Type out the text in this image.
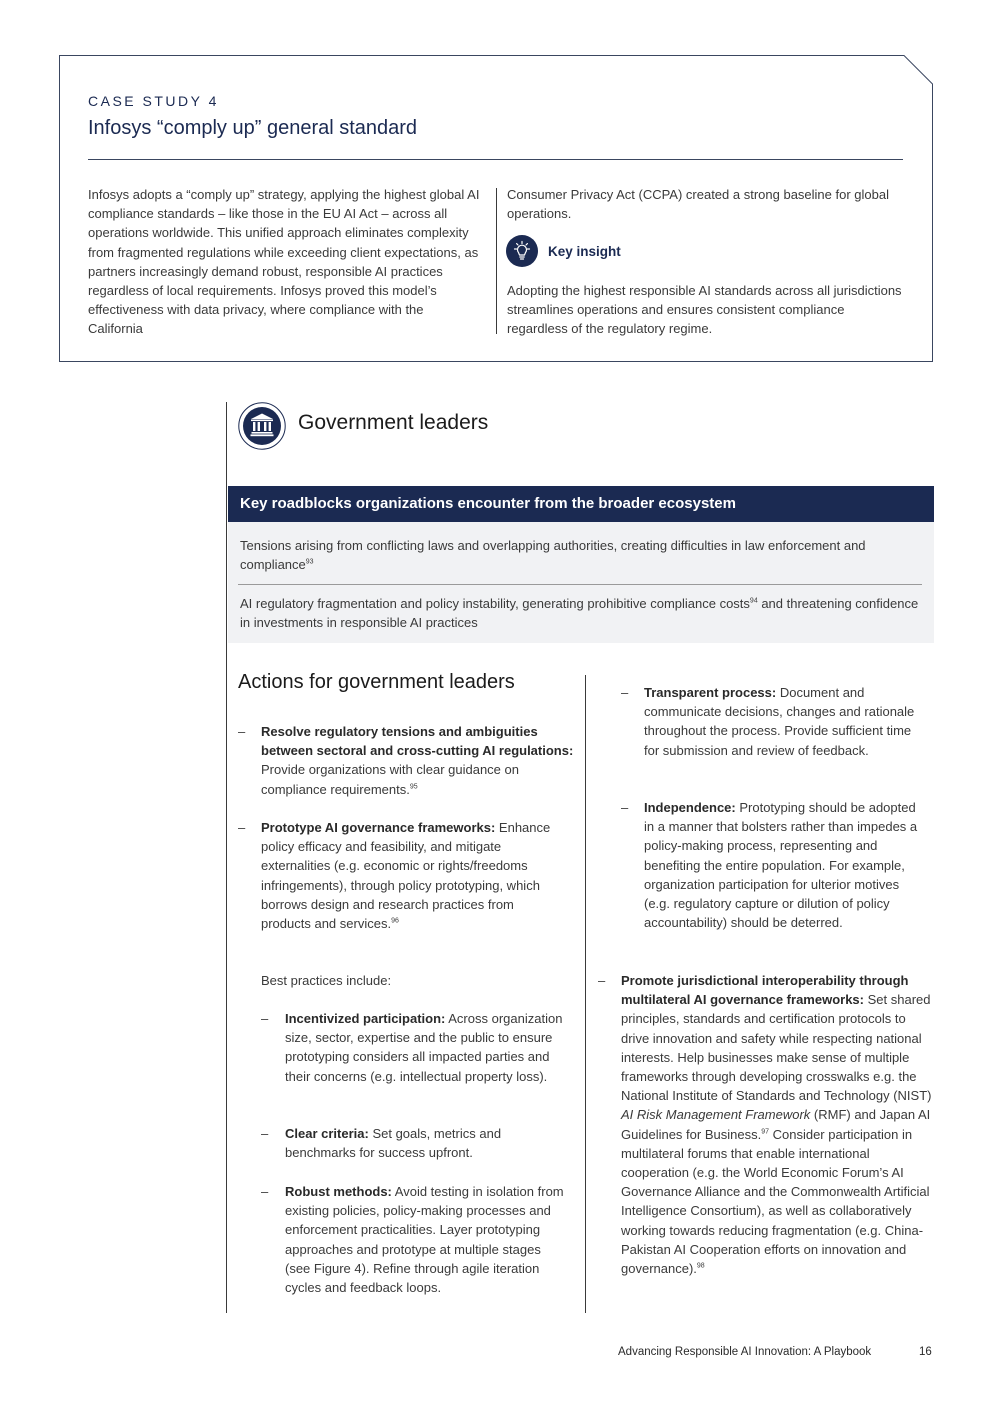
CASE STUDY 4
Infosys “comply up” general standard

Infosys adopts a “comply up” strategy, applying the highest global AI compliance standards – like those in the EU AI Act – across all operations worldwide. This unified approach eliminates complexity from fragmented regulations while exceeding client expectations, as partners increasingly demand robust, responsible AI practices regardless of local requirements. Infosys proved this model’s effectiveness with data privacy, where compliance with the California

Consumer Privacy Act (CCPA) created a strong baseline for global operations.

Key insight

Adopting the highest responsible AI standards across all jurisdictions streamlines operations and ensures consistent compliance regardless of the regulatory regime.

Government leaders
Key roadblocks organizations encounter from the broader ecosystem

Tensions arising from conflicting laws and overlapping authorities, creating difficulties in law enforcement and compliance$^{93}$

AI regulatory fragmentation and policy instability, generating prohibitive compliance costs$^{94}$ and threatening confidence in investments in responsible AI practices

Actions for government leaders
– Resolve regulatory tensions and ambiguities between sectoral and cross-cutting AI regulations: Provide organizations with clear guidance on compliance requirements.$^{95}$

– Prototype AI governance frameworks: Enhance policy efficacy and feasibility, and mitigate externalities (e.g. economic or rights/freedoms infringements), through policy prototyping, which borrows design and research practices from products and services.$^{96}$

Best practices include:

– Incentivized participation: Across organization size, sector, expertise and the public to ensure prototyping considers all impacted parties and their concerns (e.g. intellectual property loss).

– Clear criteria: Set goals, metrics and benchmarks for success upfront.

– Robust methods: Avoid testing in isolation from existing policies, policy-making processes and enforcement practicalities. Layer prototyping approaches and prototype at multiple stages (see Figure 4). Refine through agile iteration cycles and feedback loops.

– Transparent process: Document and communicate decisions, changes and rationale throughout the process. Provide sufficient time for submission and review of feedback.

– Independence: Prototyping should be adopted in a manner that bolsters rather than impedes a policy-making process, representing and benefiting the entire population. For example, organization participation for ulterior motives (e.g. regulatory capture or dilution of policy accountability) should be deterred.

– Promote jurisdictional interoperability through multilateral AI governance frameworks: Set shared principles, standards and certification protocols to drive innovation and safety while respecting national interests. Help businesses make sense of multiple frameworks through developing crosswalks e.g. the National Institute of Standards and Technology (NIST) AI Risk Management Framework (RMF) and Japan AI Guidelines for Business.$^{97}$ Consider participation in multilateral forums that enable international cooperation (e.g. the World Economic Forum’s AI Governance Alliance and the Commonwealth Artificial Intelligence Consortium), as well as collaboratively working towards reducing fragmentation (e.g. China-Pakistan AI Cooperation efforts on innovation and governance).$^{98}$

Advancing Responsible AI Innovation: A Playbook	16
